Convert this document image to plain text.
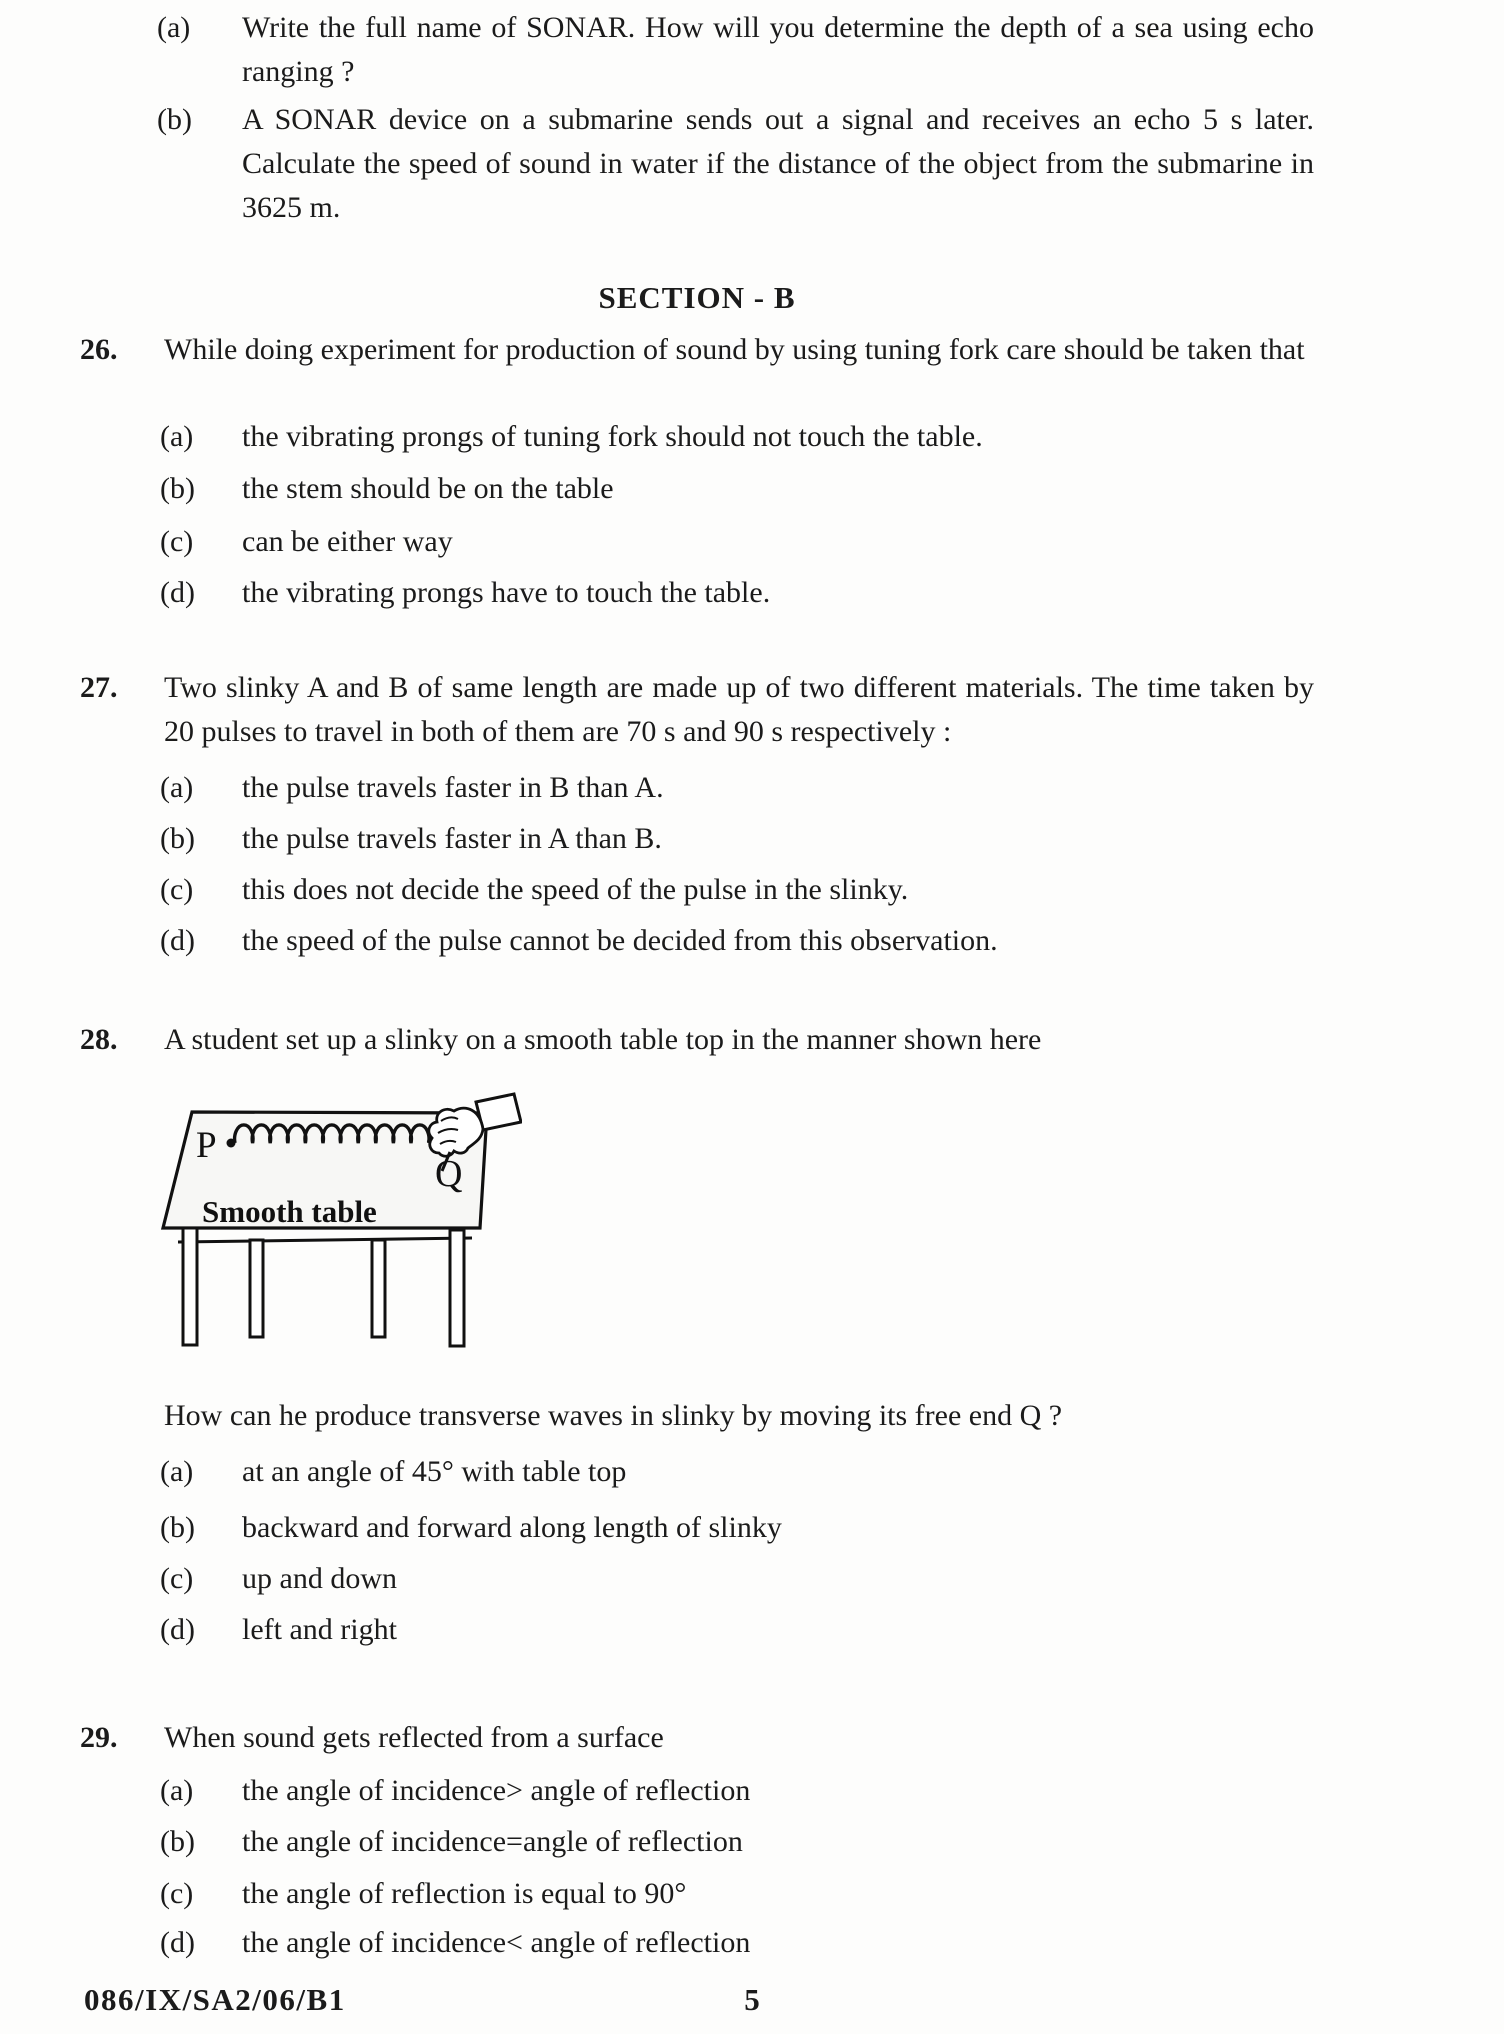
(a) Write the full name of SONAR. How will you determine the depth of a sea using echo ranging ?
(b) A SONAR device on a submarine sends out a signal and receives an echo 5 s later. Calculate the speed of sound in water if the distance of the object from the submarine in 3625 m.
SECTION - B
26. While doing experiment for production of sound by using tuning fork care should be taken that
(a) the vibrating prongs of tuning fork should not touch the table.
(b) the stem should be on the table
(c) can be either way
(d) the vibrating prongs have to touch the table.
27. Two slinky A and B of same length are made up of two different materials. The time taken by 20 pulses to travel in both of them are 70 s and 90 s respectively :
(a) the pulse travels faster in B than A.
(b) the pulse travels faster in A than B.
(c) this does not decide the speed of the pulse in the slinky.
(d) the speed of the pulse cannot be decided from this observation.
28. A student set up a slinky on a smooth table top in the manner shown here
P
Q
Smooth table
How can he produce transverse waves in slinky by moving its free end Q ?
(a) at an angle of 45° with table top
(b) backward and forward along length of slinky
(c) up and down
(d) left and right
29. When sound gets reflected from a surface
(a) the angle of incidence> angle of reflection
(b) the angle of incidence=angle of reflection
(c) the angle of reflection is equal to 90°
(d) the angle of incidence< angle of reflection
086/IX/SA2/06/B1	5
